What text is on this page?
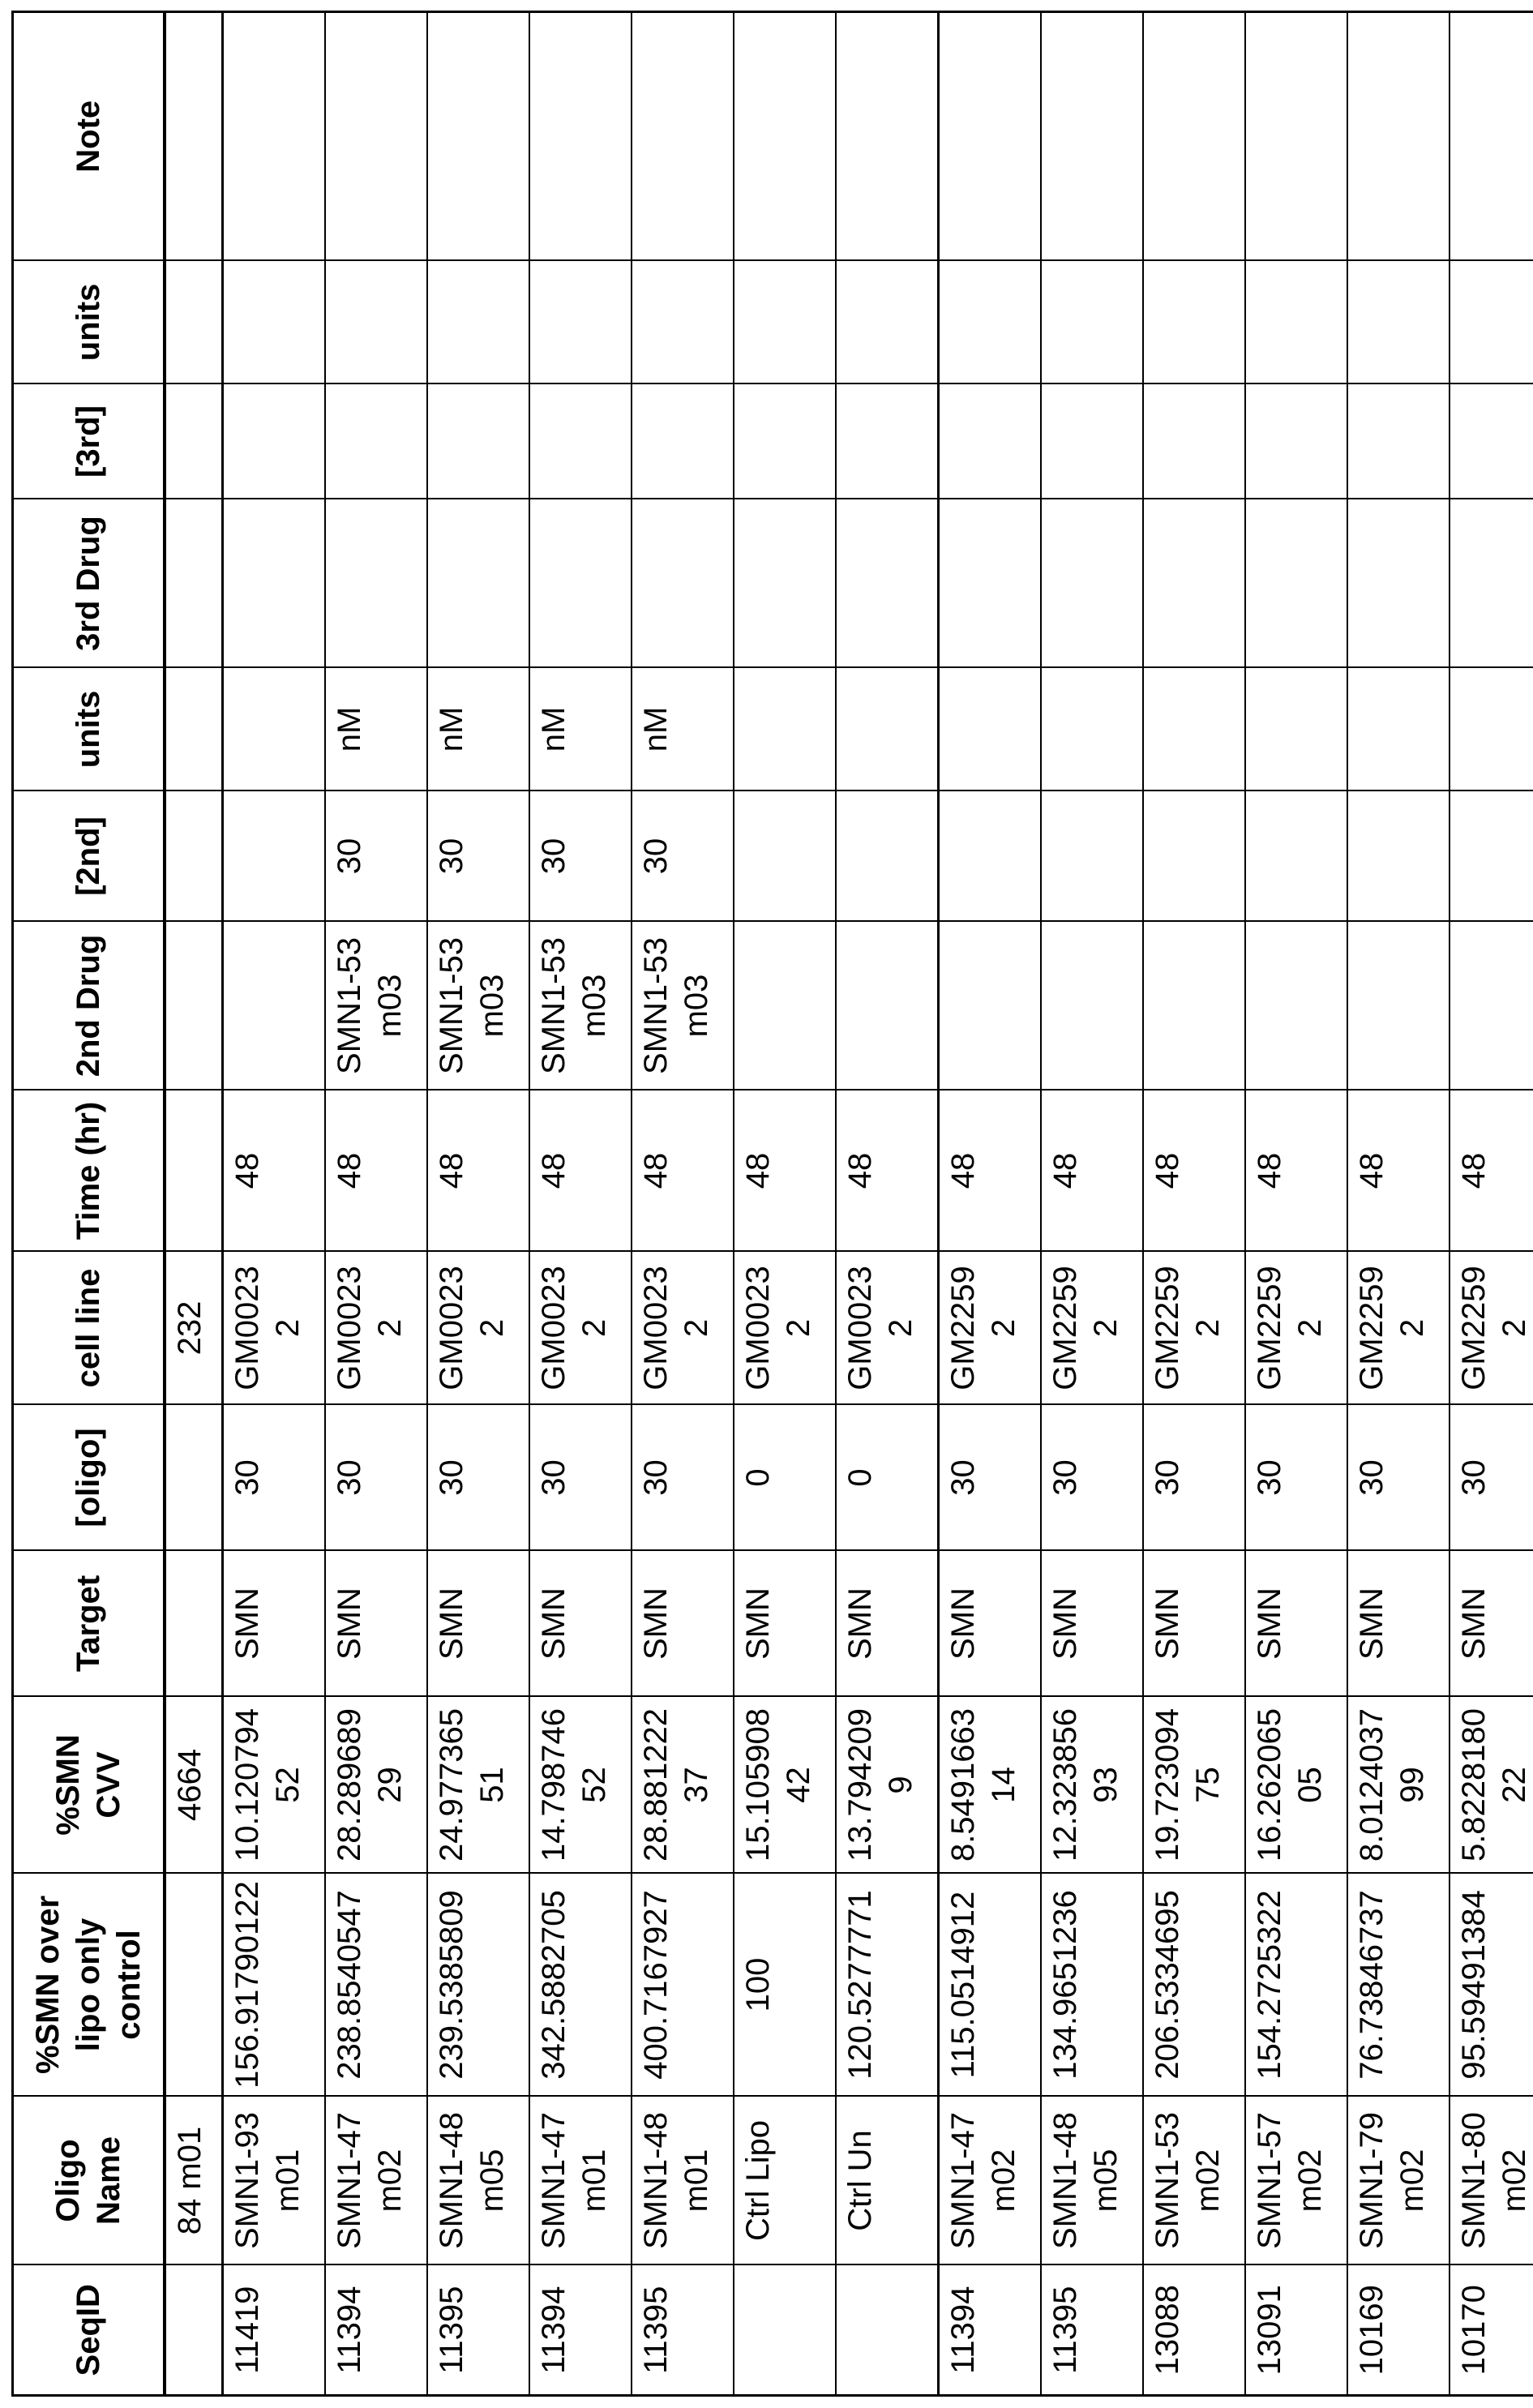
SeqID	Oligo Name	%SMN over lipo only control	%SMN CVV	Target	[oligo]	cell line	Time (hr)	2nd Drug	[2nd]	units	3rd Drug	[3rd]	units	Note
	84 m01		4664			232								
11419	SMN1-93 m01	156.91790122	10.12079452	SMN	30	GM00232	48							
11394	SMN1-47 m02	238.8540547	28.28968929	SMN	30	GM00232	48	SMN1-53 m03	30	nM				
11395	SMN1-48 m05	239.5385809	24.97736551	SMN	30	GM00232	48	SMN1-53 m03	30	nM				
11394	SMN1-47 m01	342.5882705	14.79874652	SMN	30	GM00232	48	SMN1-53 m03	30	nM				
11395	SMN1-48 m01	400.7167927	28.88122237	SMN	30	GM00232	48	SMN1-53 m03	30	nM				
	Ctrl Lipo	100	15.10590842	SMN	0	GM00232	48							
	Ctrl Un	120.5277771	13.7942099	SMN	0	GM00232	48							
11394	SMN1-47 m02	115.0514912	8.549166314	SMN	30	GM22592	48							
11395	SMN1-48 m05	134.9651236	12.32385693	SMN	30	GM22592	48							
13088	SMN1-53 m02	206.5334695	19.72309475	SMN	30	GM22592	48							
13091	SMN1-57 m02	154.2725322	16.26206505	SMN	30	GM22592	48							
10169	SMN1-79 m02	76.73846737	8.012403799	SMN	30	GM22592	48							
10170	SMN1-80 m02	95.59491384	5.822818022	SMN	30	GM22592	48							
